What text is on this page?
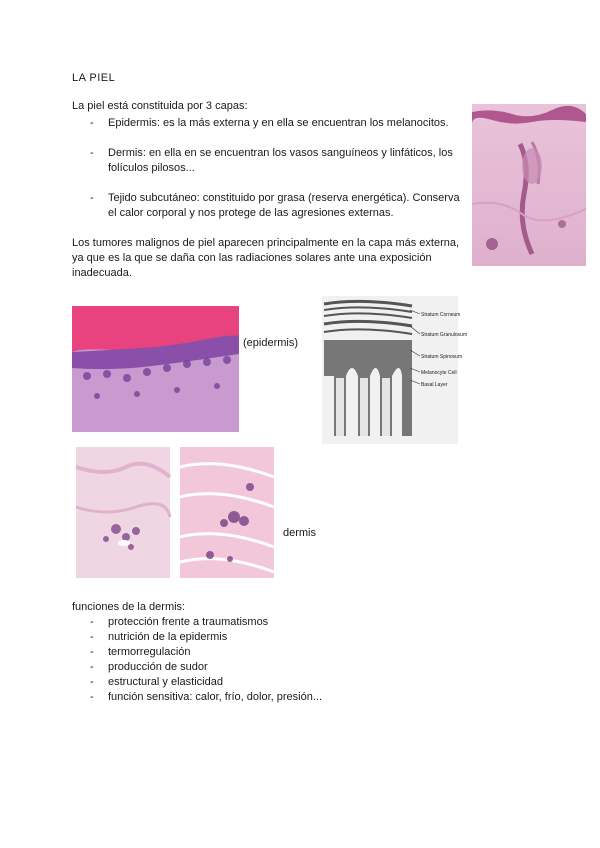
LA PIEL
La piel está constituida por 3 capas:
- Epidermis: es la más externa y en ella se encuentran los melanocitos.
- Dermis: en ella en se encuentran los vasos sanguíneos y linfáticos, los folículos pilosos...
- Tejido subcutáneo: constituido por grasa (reserva energética). Conserva el calor corporal y nos protege de las agresiones externas.
Los tumores malignos de piel aparecen principalmente en la capa más externa, ya que es la que se daña con las radiaciones solares ante una exposición inadecuada.
(epidermis)
Stratum Corneum
Stratum Granulosum
Stratum Spinosum
Melanocyte Cell
Basal Layer
dermis
funciones de la dermis:
- protección frente a traumatismos
- nutrición de la epidermis
- termorregulación
- producción de sudor
- estructural y elasticidad
- función sensitiva: calor, frío, dolor, presión...
